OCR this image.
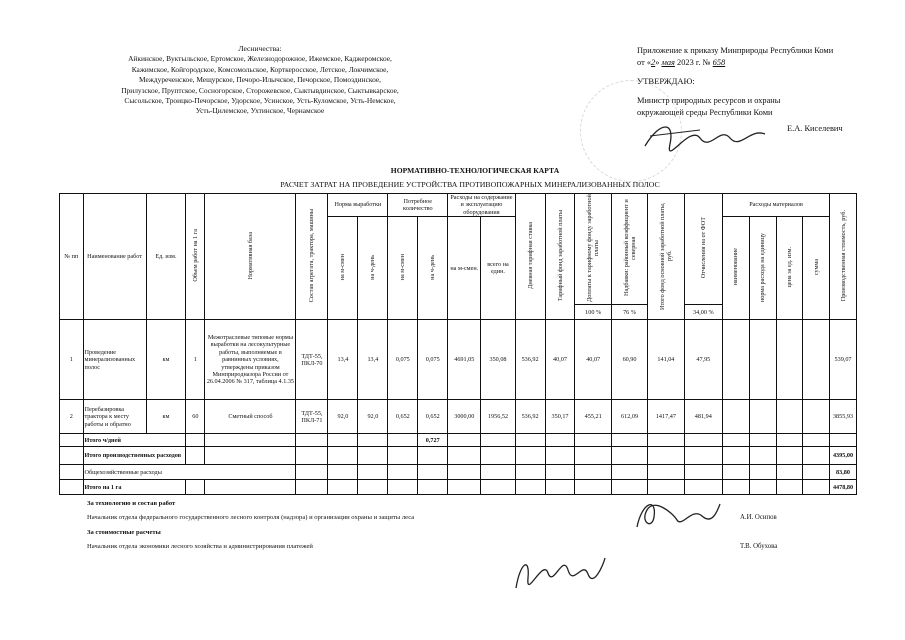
Лесничества:
Айкинское, Вуктыльское, Ертомское, Железнодорожное, Ижемское, Каджеромское,
Кажимское, Койгородское, Комсомольское, Корткеросское, Летское, Локчимское,
Междуреченское, Мещурское, Печоро-Илычское, Печорское, Помоздинское,
Прилузское, Пруптское, Сосногорское, Сторожевское, Сыктывдинское, Сыктывкарское,
Сысольское, Троицко-Печорское, Удорское, Усинское, Усть-Куломское, Усть-Немское,
Усть-Цилемское, Ухтинское, Чернамское
Приложение к приказу Минприроды Республики Коми
от «2» мая 2023 г. № 658
УТВЕРЖДАЮ:
Министр природных ресурсов и охраны
окружающей среды Республики Коми
Е.А. Киселевич
НОРМАТИВНО-ТЕХНОЛОГИЧЕСКАЯ КАРТА
РАСЧЕТ ЗАТРАТ НА ПРОВЕДЕНИЕ УСТРОЙСТВА ПРОТИВОПОЖАРНЫХ МИНЕРАЛИЗОВАННЫХ ПОЛОС
№ пп	Наименование работ	Ед. изм.	Объем работ на 1 га	Нормативная база	Состав агрегата, трактора, машины	Норма выработки		Потребное количество		Расходы на содержание и эксплуатацию оборудования		Дневная тарифная ставка	Тарифный фонд заработной платы	Доплаты к тарифному фонду заработной платы	Надбавки: районный коэффициент и северная	Итого фонд основной заработной платы, руб.	Отчисления на от ФОТ	Расходы материалов				Производственная стоимость, руб.
						на м-смен	на ч-день	на м-смен	на ч-день	на м-смен.	всего на един.							наименование	норма расхода на единицу	цена за ед. изм.	сумма	
														100 %	76 %		34,00 %					
1	Проведение минерализованных полос	км	1	Межотраслевые типовые нормы выработки на лесокультурные работы, выполняемые в равнинных условиях, утверждены приказом Минприродназора России от 26.04.2006 № 317, таблица 4.1.35	ТДТ-55, ПКЛ-70	13,4	13,4	0,075	0,075	4691,05	350,08	536,92	40,07	40,07	60,90	141,04	47,95					539,07
2	Перебазировка трактора к месту работы и обратно	км	60	Сметный способ	ТДТ-55, ПКЛ-71	92,0	92,0	0,652	0,652	3000,00	1956,52	536,92	350,17	455,21	612,09	1417,47	481,94					3855,93
	Итого ч/дней								0,727													
	Итого производственных расходов																					4395,00
	Общехозяйственные расходы																					83,80
	Итого на 1 га																					4478,80
За технологию и состав работ
Начальник отдела федерального государственного лесного контроля (надзора) и организации охраны и защиты леса	А.И. Осипов
За стоимостные расчеты
Начальник отдела экономики лесного хозяйства и администрирования платежей	Т.В. Обухова
